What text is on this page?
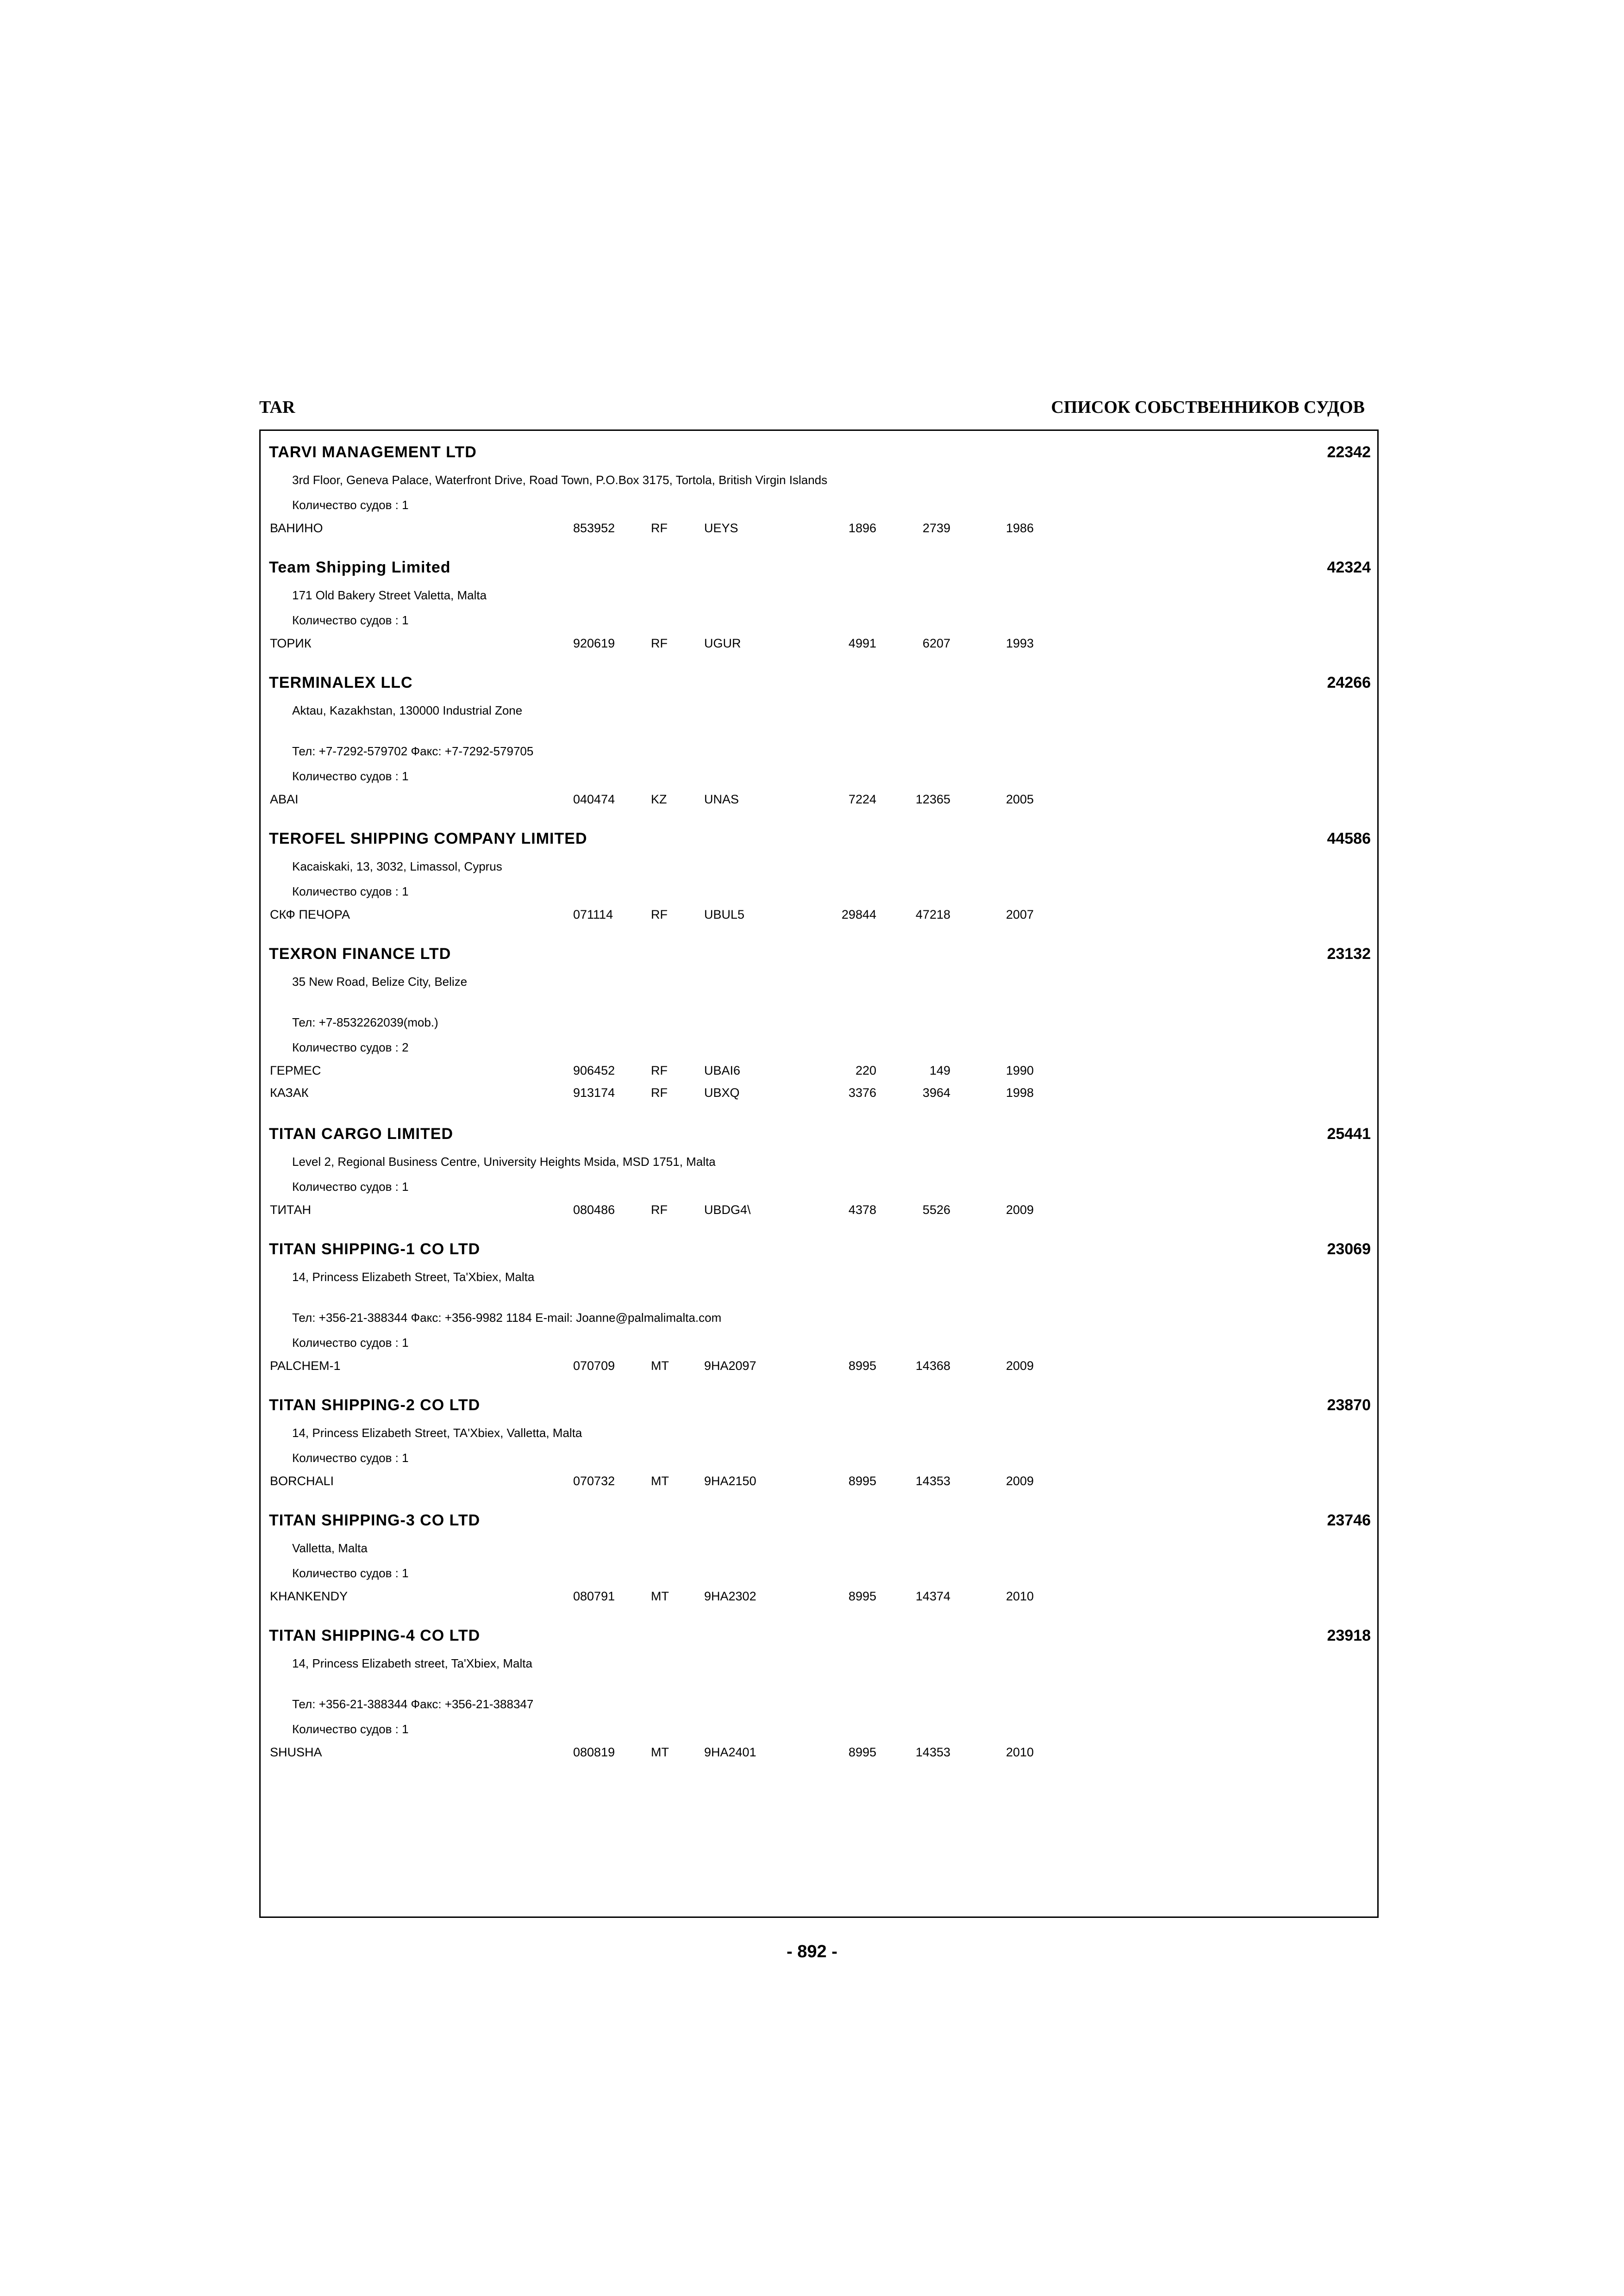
TAR	СПИСОК СОБСТВЕННИКОВ СУДОВ
TARVI MANAGEMENT LTD	22342
3rd Floor, Geneva Palace, Waterfront Drive, Road Town, P.O.Box 3175, Tortola, British Virgin Islands
Количество судов : 1
ВАНИНО	853952	RF	UEYS	1896	2739	1986
Team Shipping Limited	42324
171 Old Bakery Street Valetta, Malta
Количество судов : 1
ТОРИК	920619	RF	UGUR	4991	6207	1993
TERMINALEX LLC	24266
Aktau, Kazakhstan, 130000 Industrial Zone
Тел: +7-7292-579702 Факс: +7-7292-579705
Количество судов : 1
ABAI	040474	KZ	UNAS	7224	12365	2005
TEROFEL SHIPPING COMPANY LIMITED	44586
Kacaiskaki, 13, 3032, Limassol, Cyprus
Количество судов : 1
СКФ ПЕЧОРА	071114	RF	UBUL5	29844	47218	2007
TEXRON FINANCE LTD	23132
35 New Road, Belize City, Belize
Тел: +7-8532262039(mob.)
Количество судов : 2
ГЕРМЕС	906452	RF	UBAI6	220	149	1990
КАЗАК	913174	RF	UBXQ	3376	3964	1998
TITAN CARGO LIMITED	25441
Level 2, Regional Business Centre, University Heights Msida, MSD 1751, Malta
Количество судов : 1
ТИТАН	080486	RF	UBDG4\	4378	5526	2009
TITAN SHIPPING-1 CO LTD	23069
14, Princess Elizabeth Street, Ta'Xbiex, Malta
Тел: +356-21-388344 Факс: +356-9982 1184 E-mail: Joanne@palmalimalta.com
Количество судов : 1
PALCHEM-1	070709	MT	9HA2097	8995	14368	2009
TITAN SHIPPING-2 CO LTD	23870
14, Princess Elizabeth Street, TA'Xbiex, Valletta, Malta
Количество судов : 1
BORCHALI	070732	MT	9HA2150	8995	14353	2009
TITAN SHIPPING-3 CO LTD	23746
Valletta, Malta
Количество судов : 1
KHANKENDY	080791	MT	9HA2302	8995	14374	2010
TITAN SHIPPING-4 CO LTD	23918
14, Princess Elizabeth street, Ta'Xbiex, Malta
Тел: +356-21-388344 Факс: +356-21-388347
Количество судов : 1
SHUSHA	080819	MT	9HA2401	8995	14353	2010
- 892 -
